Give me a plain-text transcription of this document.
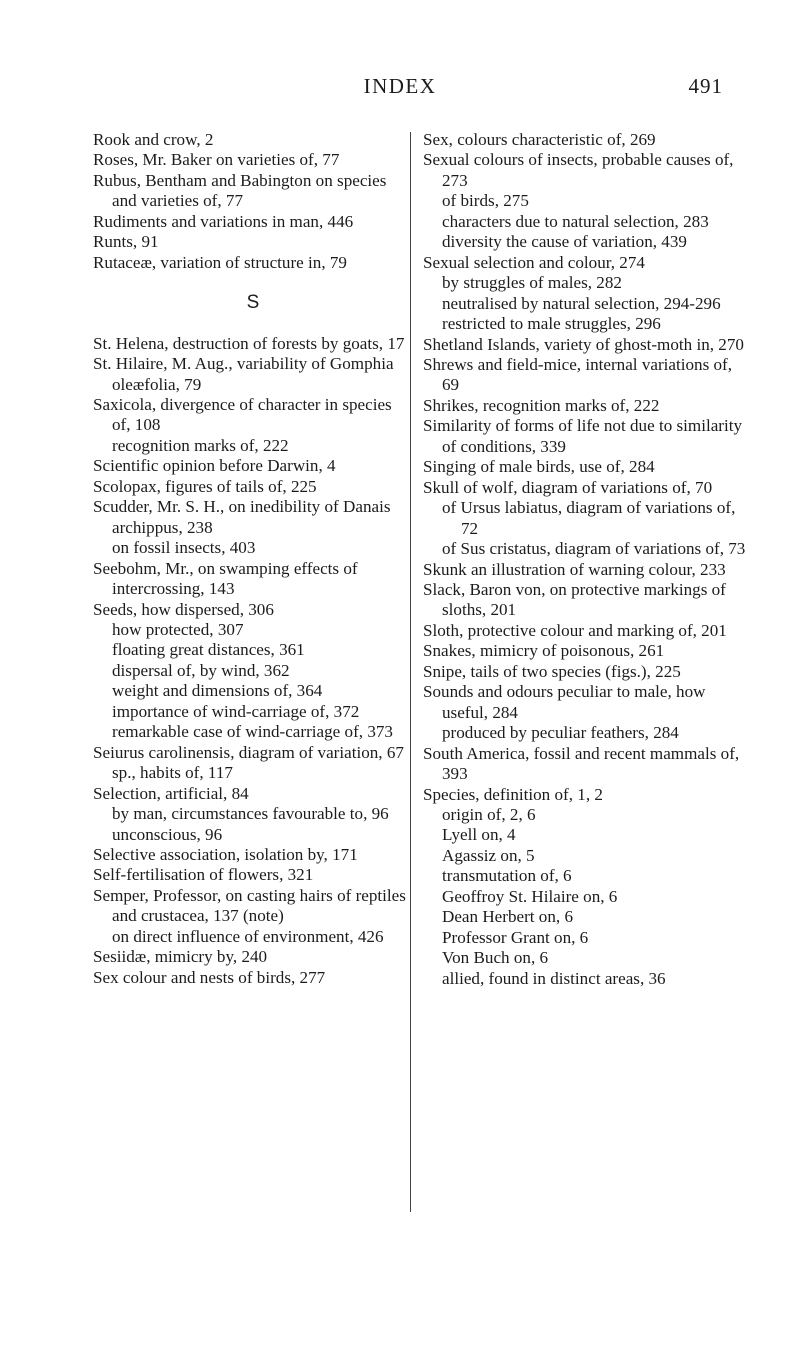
INDEX	491

Rook and crow, 2

Roses, Mr. Baker on varieties of, 77

Rubus, Bentham and Babington on species and varieties of, 77

Rudiments and variations in man, 446

Runts, 91

Rutaceæ, variation of structure in, 79

S

St. Helena, destruction of forests by goats, 17

St. Hilaire, M. Aug., variability of Gomphia oleæfolia, 79

Saxicola, divergence of character in species of, 108

recognition marks of, 222

Scientific opinion before Darwin, 4

Scolopax, figures of tails of, 225

Scudder, Mr. S. H., on inedibility of Danais archippus, 238

on fossil insects, 403

Seebohm, Mr., on swamping effects of intercrossing, 143

Seeds, how dispersed, 306

how protected, 307

floating great distances, 361

dispersal of, by wind, 362

weight and dimensions of, 364

importance of wind-carriage of, 372

remarkable case of wind-carriage of, 373

Seiurus carolinensis, diagram of variation, 67

sp., habits of, 117

Selection, artificial, 84

by man, circumstances favourable to, 96

unconscious, 96

Selective association, isolation by, 171

Self-fertilisation of flowers, 321

Semper, Professor, on casting hairs of reptiles and crustacea, 137 (note)

on direct influence of environment, 426

Sesiidæ, mimicry by, 240

Sex colour and nests of birds, 277

Sex, colours characteristic of, 269

Sexual colours of insects, probable causes of, 273

of birds, 275

characters due to natural selection, 283

diversity the cause of variation, 439

Sexual selection and colour, 274

by struggles of males, 282

neutralised by natural selection, 294-296

restricted to male struggles, 296

Shetland Islands, variety of ghost-moth in, 270

Shrews and field-mice, internal variations of, 69

Shrikes, recognition marks of, 222

Similarity of forms of life not due to similarity of conditions, 339

Singing of male birds, use of, 284

Skull of wolf, diagram of variations of, 70

of Ursus labiatus, diagram of variations of, 72

of Sus cristatus, diagram of variations of, 73

Skunk an illustration of warning colour, 233

Slack, Baron von, on protective markings of sloths, 201

Sloth, protective colour and marking of, 201

Snakes, mimicry of poisonous, 261

Snipe, tails of two species (figs.), 225

Sounds and odours peculiar to male, how useful, 284

produced by peculiar feathers, 284

South America, fossil and recent mammals of, 393

Species, definition of, 1, 2

origin of, 2, 6

Lyell on, 4

Agassiz on, 5

transmutation of, 6

Geoffroy St. Hilaire on, 6

Dean Herbert on, 6

Professor Grant on, 6

Von Buch on, 6

allied, found in distinct areas, 36
